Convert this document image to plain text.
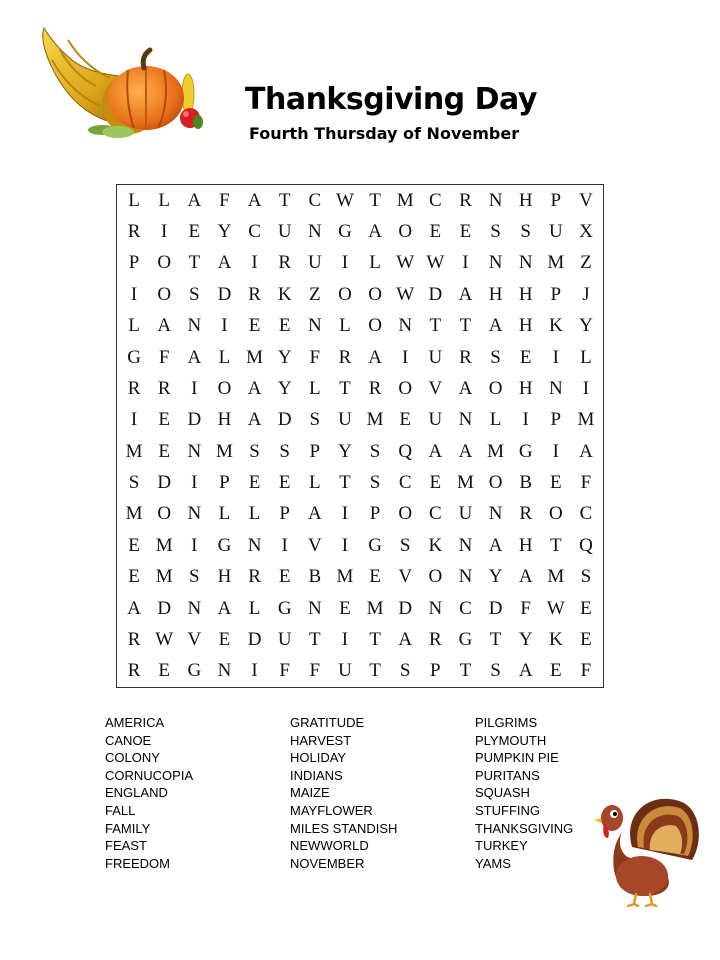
Thanksgiving Day
Fourth Thursday of November
L L A F A T C W T M C R N H P V
R	I	E Y C U N G A O E E	S	S U X
P O T A	I	R U	I	L W W I	N N M Z
I	O S D R K Z O O W D A H H P	J
L A N	I	E E N L O N T T A H K Y
G F A L M Y F R A	I	U R S	E	I	L
R R	I	O A Y L T R O V A O H N	I
I	E D H A D S U M E U N L	I	P M
M E N M S	S	P Y S Q A A M G	I	A
S D	I	P	E E L T	S C E M O B E	F
M O N L L	P A	I	P O C U N R O C
E M I	G N	I	V	I	G S K N A H T Q
E M S H R E B M E V O N Y A M S
A D N A L G N E M D N C D F W E
R W V E D U T	I	T A R G T Y K E
R E G N	I	F	F U T	S	P	T	S A E	F
AMERICA
CANOE
COLONY
CORNUCOPIA
ENGLAND
FALL
FAMILY
FEAST
FREEDOM
GRATITUDE
HARVEST
HOLIDAY
INDIANS
MAIZE
MAYFLOWER
MILES STANDISH
NEWWORLD
NOVEMBER
PILGRIMS
PLYMOUTH
PUMPKIN PIE
PURITANS
SQUASH
STUFFING
THANKSGIVING
TURKEY
YAMS
